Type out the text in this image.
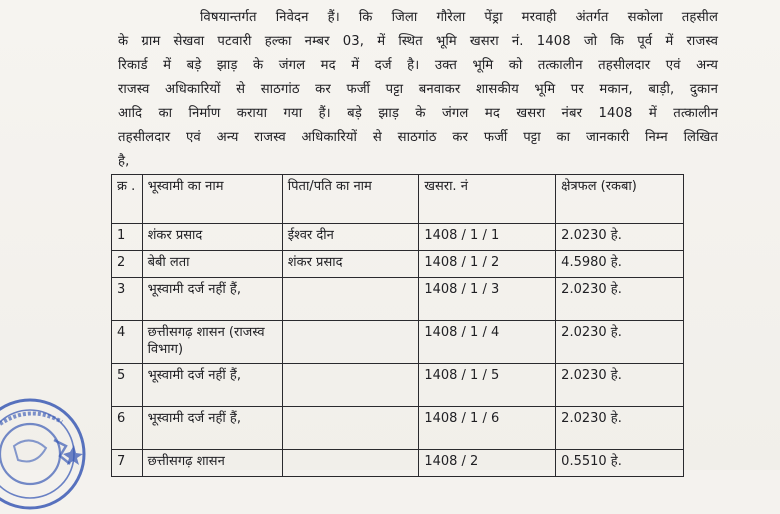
विषयान्तर्गत निवेदन हैं। कि जिला गौरेला पेंड्रा मरवाही अंतर्गत सकोला तहसील
के ग्राम सेखवा पटवारी हल्का नम्बर 03, में स्थित भूमि खसरा नं. 1408 जो कि पूर्व में राजस्व
रिकार्ड में बड़े झाड़ के जंगल मद में दर्ज है। उक्त भूमि को तत्कालीन तहसीलदार एवं अन्य
राजस्व अधिकारियों से साठगांठ कर फर्जी पट्टा बनवाकर शासकीय भूमि पर मकान, बाड़ी, दुकान
आदि का निर्माण कराया गया हैं। बड़े झाड़ के जंगल मद खसरा नंबर 1408 में तत्कालीन
तहसीलदार एवं अन्य राजस्व अधिकारियों से साठगांठ कर फर्जी पट्टा का जानकारी निम्न लिखित
है,
क्र .	भूस्वामी का नाम	पिता/पति का नाम	खसरा. नं	क्षेत्रफल (रकबा)
1	शंकर प्रसाद	ईश्वर दीन	1408 / 1 / 1	2.0230 हे.
2	बेबी लता	शंकर प्रसाद	1408 / 1 / 2	4.5980 हे.
3	भूस्वामी दर्ज नहीं हैं,		1408 / 1 / 3	2.0230 हे.
4	छत्तीसगढ़ शासन (राजस्व विभाग)		1408 / 1 / 4	2.0230 हे.
5	भूस्वामी दर्ज नहीं हैं,		1408 / 1 / 5	2.0230 हे.
6	भूस्वामी दर्ज नहीं हैं,		1408 / 1 / 6	2.0230 हे.
7	छत्तीसगढ़ शासन		1408 / 2	0.5510 हे.
